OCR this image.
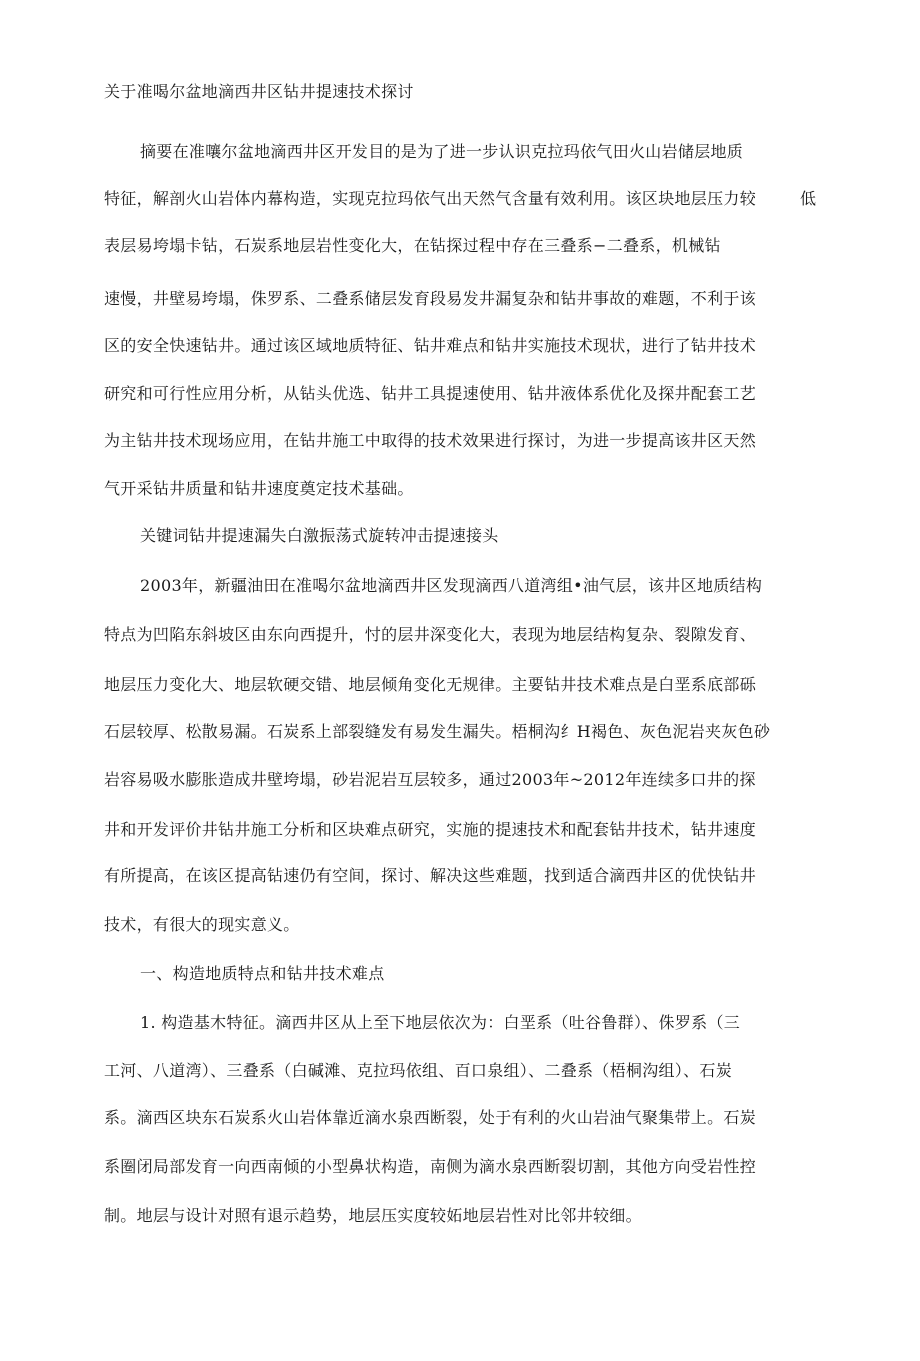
关于准喝尔盆地滴西井区钻井提速技术探讨
摘要在准嚷尔盆地滴西井区开发目的是为了进一步认识克拉玛依气田火山岩储层地质
特征，解剖火山岩体内幕构造，实现克拉玛依气出天然气含量有效利用。该区块地层压力较	低
表层易垮塌卡钻，石炭系地层岩性变化大，在钻探过程中存在三叠系−二叠系，机械钻
速慢，井壁易垮塌，侏罗系、二叠系储层发育段易发井漏复杂和钻井事故的难题，不利于该
区的安全快速钻井。通过该区域地质特征、钻井难点和钻井实施技术现状，进行了钻井技术
研究和可行性应用分析，从钻头优选、钻井工具提速使用、钻井液体系优化及探井配套工艺
为主钻井技术现场应用，在钻井施工中取得的技术效果进行探讨，为进一步提高该井区天然
气开采钻井质量和钻井速度奠定技术基础。
关键词钻井提速漏失白激振荡式旋转冲击提速接头
2003年，新疆油田在准喝尔盆地滴西井区发现滴西八道湾组•油气层，该井区地质结构
特点为凹陷东斜坡区由东向西提升，忖的层井深变化大，表现为地层结构复杂、裂隙发育、
地层压力变化大、地层软硬交错、地层倾角变化无规律。主要钻井技术难点是白垩系底部砾
石层较厚、松散易漏。石炭系上部裂缝发有易发生漏失。梧桐沟纟H褐色、灰色泥岩夹灰色砂
岩容易吸水膨胀造成井壁垮塌，砂岩泥岩互层较多，通过2003年~2012年连续多口井的探
井和开发评价井钻井施工分析和区块难点研究，实施的提速技术和配套钻井技术，钻井速度
有所提高，在该区提高钻速仍有空间，探讨、解决这些难题，找到适合滴西井区的优快钻井
技术，有很大的现实意义。
一、构造地质特点和钻井技术难点
1. 构造基木特征。滴西井区从上至下地层依次为：白垩系（吐谷鲁群）、侏罗系（三
工河、八道湾）、三叠系（白碱滩、克拉玛依组、百口泉组）、二叠系（梧桐沟组）、石炭
系。滴西区块东石炭系火山岩体靠近滴水泉西断裂，处于有利的火山岩油气聚集带上。石炭
系圈闭局部发育一向西南倾的小型鼻状构造，南侧为滴水泉西断裂切割，其他方向受岩性控
制。地层与设计对照有退示趋势，地层压实度较妬地层岩性对比邻井较细。
